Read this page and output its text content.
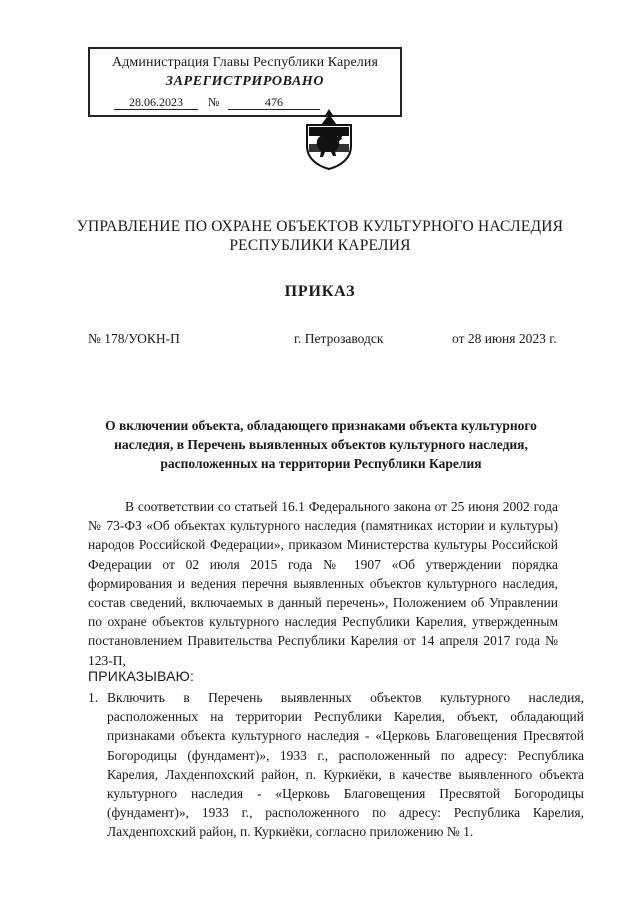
Администрация Главы Республики Карелия
ЗАРЕГИСТРИРОВАНО
28.06.2023	№	476
УПРАВЛЕНИЕ ПО ОХРАНЕ ОБЪЕКТОВ КУЛЬТУРНОГО НАСЛЕДИЯ
РЕСПУБЛИКИ КАРЕЛИЯ
ПРИКАЗ
№ 178/УОКН-П	г. Петрозаводск	от 28 июня 2023 г.
О включении объекта, обладающего признаками объекта культурного наследия, в Перечень выявленных объектов культурного наследия, расположенных на территории Республики Карелия
В соответствии со статьей 16.1 Федерального закона от 25 июня 2002 года № 73-ФЗ «Об объектах культурного наследия (памятниках истории и культуры) народов Российской Федерации», приказом Министерства культуры Российской Федерации от 02 июля 2015 года № 1907 «Об утверждении порядка формирования и ведения перечня выявленных объектов культурного наследия, состав сведений, включаемых в данный перечень», Положением об Управлении по охране объектов культурного наследия Республики Карелия, утвержденным постановлением Правительства Республики Карелия от 14 апреля 2017 года № 123-П,
ПРИКАЗЫВАЮ:
1. Включить в Перечень выявленных объектов культурного наследия, расположенных на территории Республики Карелия, объект, обладающий признаками объекта культурного наследия - «Церковь Благовещения Пресвятой Богородицы (фундамент)», 1933 г., расположенный по адресу: Республика Карелия, Лахденпохский район, п. Куркиёки, в качестве выявленного объекта культурного наследия - «Церковь Благовещения Пресвятой Богородицы (фундамент)», 1933 г., расположенного по адресу: Республика Карелия, Лахденпохский район, п. Куркиёки, согласно приложению № 1.
